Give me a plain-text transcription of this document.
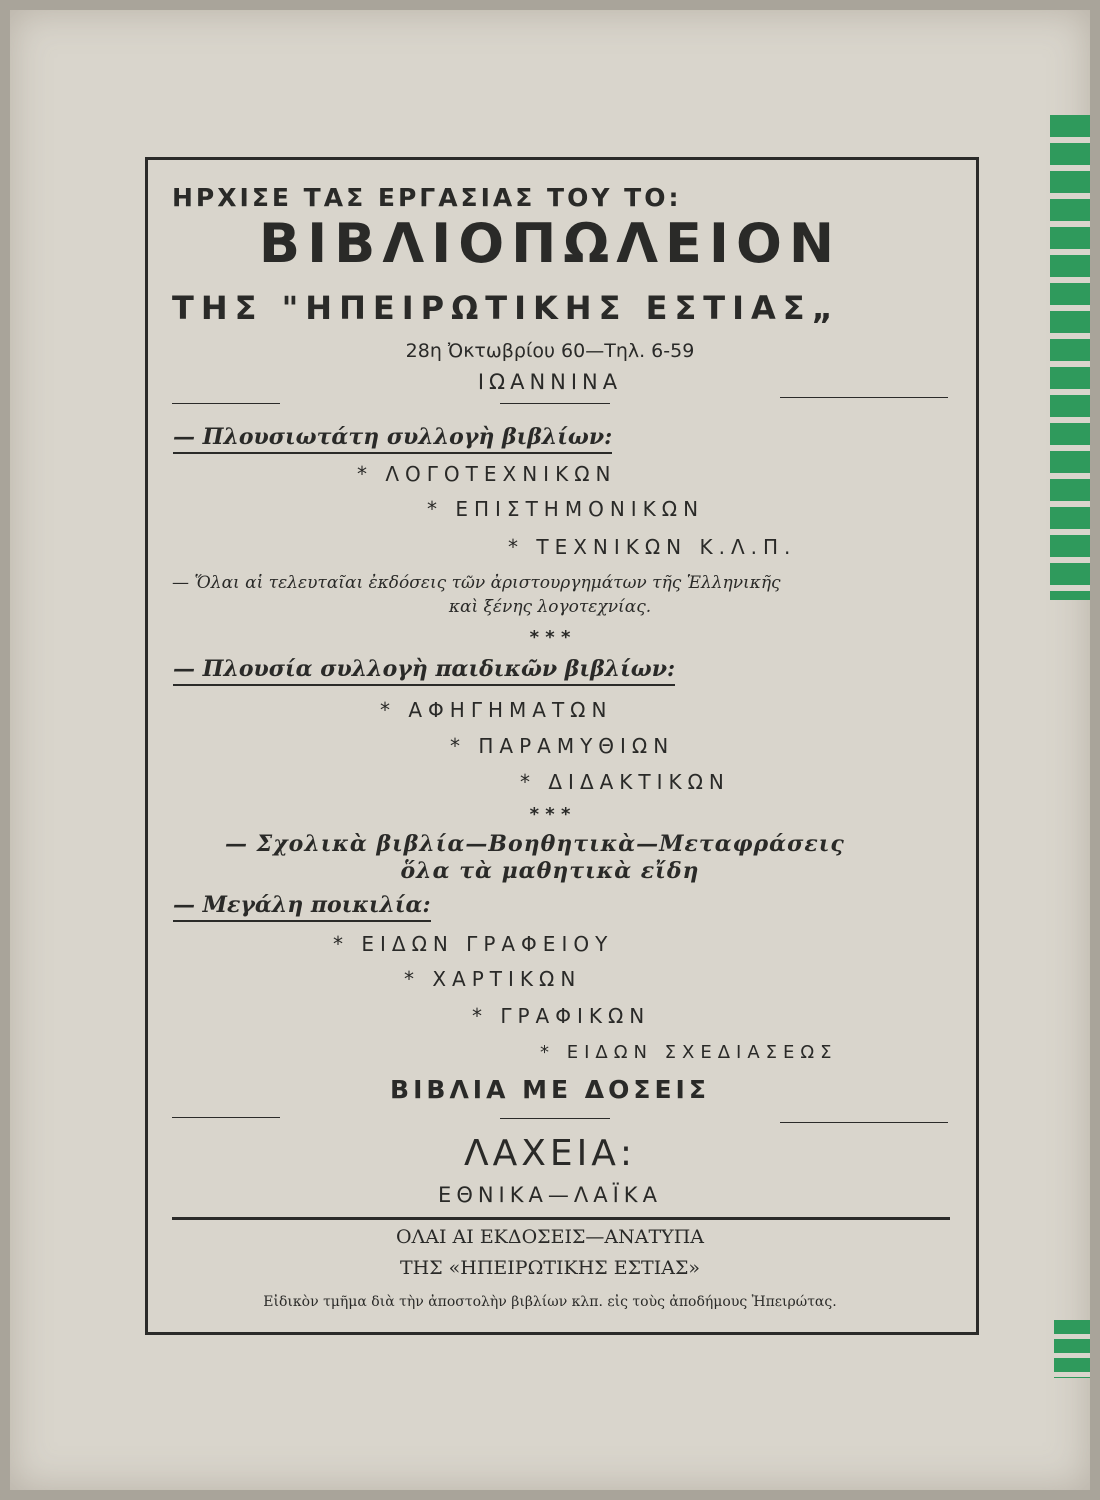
ΗΡΧΙΣΕ ΤΑΣ ΕΡΓΑΣΙΑΣ ΤΟΥ ΤΟ:
ΒΙΒΛΙΟΠΩΛΕΙΟΝ
ΤΗΣ "ΗΠΕΙΡΩΤΙΚΗΣ ΕΣΤΙΑΣ„
28η Ὀκτωβρίου 60—Τηλ. 6-59
ΙΩΑΝΝΙΝΑ
— Πλουσιωτάτη συλλογὴ βιβλίων:
* ΛΟΓΟΤΕΧΝΙΚΩΝ
* ΕΠΙΣΤΗΜΟΝΙΚΩΝ
* ΤΕΧΝΙΚΩΝ Κ.Λ.Π.
— Ὅλαι αἱ τελευταῖαι ἐκδόσεις τῶν ἀριστουργημάτων τῆς Ἑλληνικῆς
καὶ ξένης λογοτεχνίας.
* * *
— Πλουσία συλλογὴ παιδικῶν βιβλίων:
* ΑΦΗΓΗΜΑΤΩΝ
* ΠΑΡΑΜΥΘΙΩΝ
* ΔΙΔΑΚΤΙΚΩΝ
* * *
— Σχολικὰ βιβλία—Βοηθητικὰ—Μεταφράσεις
ὅλα τὰ μαθητικὰ εἴδη
— Μεγάλη ποικιλία:
* ΕΙΔΩΝ ΓΡΑΦΕΙΟΥ
* ΧΑΡΤΙΚΩΝ
* ΓΡΑΦΙΚΩΝ
* ΕΙΔΩΝ ΣΧΕΔΙΑΣΕΩΣ
ΒΙΒΛΙΑ ΜΕ ΔΟΣΕΙΣ
ΛΑΧΕΙΑ:
ΕΘΝΙΚΑ—ΛΑΪΚΑ
ΟΛΑΙ ΑΙ ΕΚΔΟΣΕΙΣ—ΑΝΑΤΥΠΑ
ΤΗΣ «ΗΠΕΙΡΩΤΙΚΗΣ ΕΣΤΙΑΣ»
Εἰδικὸν τμῆμα διὰ τὴν ἀποστολὴν βιβλίων κλπ. εἰς τοὺς ἀποδήμους Ἠπειρώτας.
